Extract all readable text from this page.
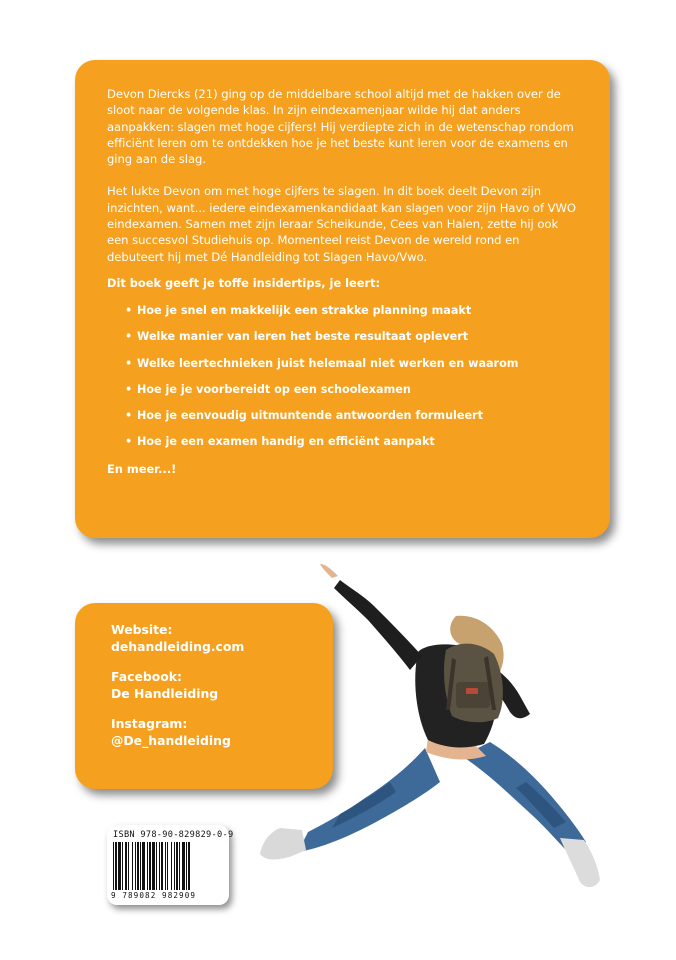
Devon Diercks (21) ging op de middelbare school altijd met de hakken over de sloot naar de volgende klas. In zijn eindexamenjaar wilde hij dat anders aanpakken: slagen met hoge cijfers! Hij verdiepte zich in de wetenschap rondom efficiënt leren om te ontdekken hoe je het beste kunt leren voor de examens en ging aan de slag.

Het lukte Devon om met hoge cijfers te slagen. In dit boek deelt Devon zijn inzichten, want... iedere eindexamenkandidaat kan slagen voor zijn Havo of VWO eindexamen. Samen met zijn leraar Scheikunde, Cees van Halen, zette hij ook een succesvol Studiehuis op. Momenteel reist Devon de wereld rond en debuteert hij met Dé Handleiding tot Slagen Havo/Vwo.

Dit boek geeft je toffe insidertips, je leert:
• Hoe je snel en makkelijk een strakke planning maakt
• Welke manier van leren het beste resultaat oplevert
• Welke leertechnieken juist helemaal niet werken en waarom
• Hoe je je voorbereidt op een schoolexamen
• Hoe je eenvoudig uitmuntende antwoorden formuleert
• Hoe je een examen handig en efficiënt aanpakt
En meer...!
Website:
dehandleiding.com
Facebook:
De Handleiding
Instagram:
@De_handleiding
ISBN 978-90-829829-0-9
9 789082 982909
